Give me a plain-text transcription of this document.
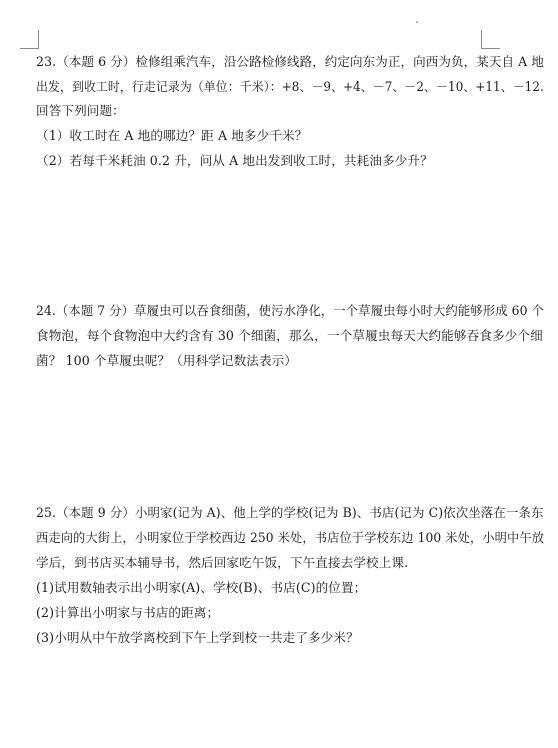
23.（本题 6 分）检修组乘汽车，沿公路检修线路，约定向东为正，向西为负，某天自 A 地
出发，到收工时，行走记录为（单位：千米）：+8、－9、+4、－7、－2、－10、+11、－12.
回答下列问题：
（1）收工时在 A 地的哪边？距 A 地多少千米？
（2）若每千米耗油 0.2 升，问从 A 地出发到收工时，共耗油多少升？
24.（本题 7 分）草履虫可以吞食细菌，使污水净化，一个草履虫每小时大约能够形成 60 个
食物泡，每个食物泡中大约含有 30 个细菌，那么，一个草履虫每天大约能够吞食多少个细
菌？ 100 个草履虫呢？（用科学记数法表示）
25.（本题 9 分）小明家(记为 A)、他上学的学校(记为 B)、书店(记为 C)依次坐落在一条东
西走向的大街上，小明家位于学校西边 250 米处，书店位于学校东边 100 米处，小明中午放
学后，到书店买本辅导书，然后回家吃午饭，下午直接去学校上课.
(1)试用数轴表示出小明家(A)、学校(B)、书店(C)的位置；
(2)计算出小明家与书店的距离；
(3)小明从中午放学离校到下午上学到校一共走了多少米？
